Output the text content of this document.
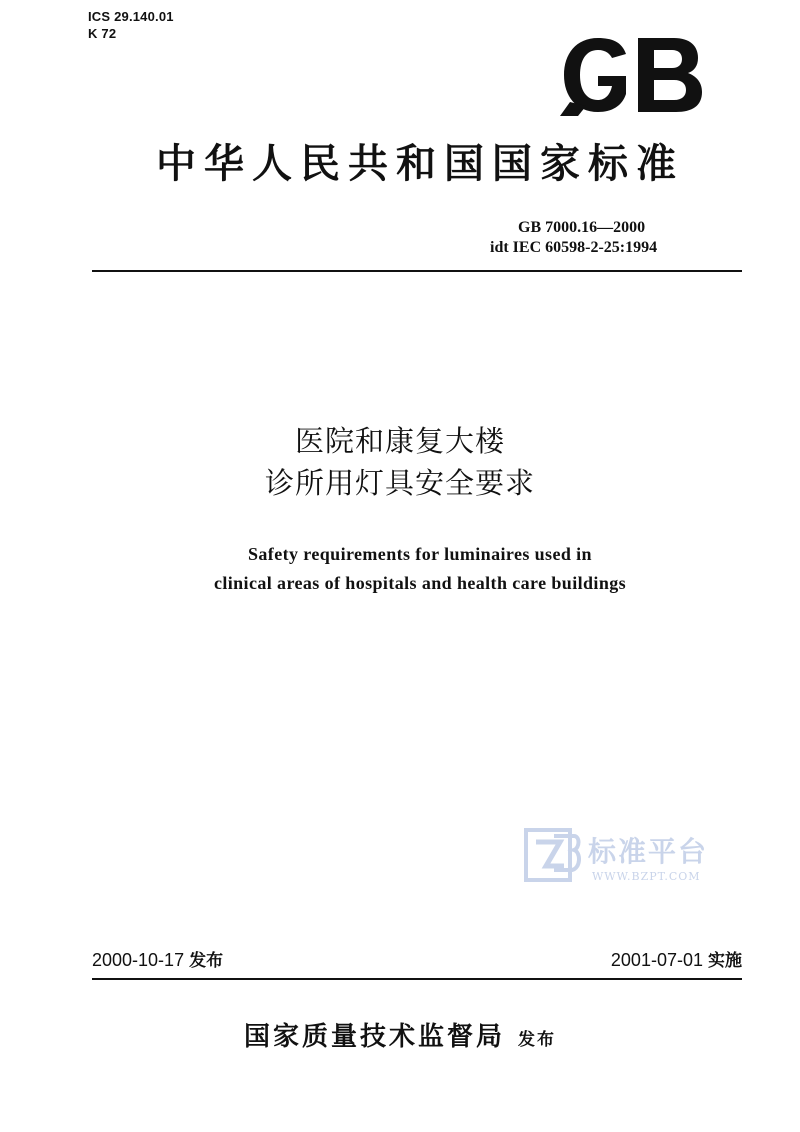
ICS 29.140.01
K 72
中华人民共和国国家标准
GB 7000.16—2000
idt IEC 60598-2-25:1994
医院和康复大楼
诊所用灯具安全要求
Safety requirements for luminaires used in
clinical areas of hospitals and health care buildings
标准平台
WWW.BZPT.COM
2000-10-17 发布	2001-07-01 实施
国家质量技术监督局 发布
